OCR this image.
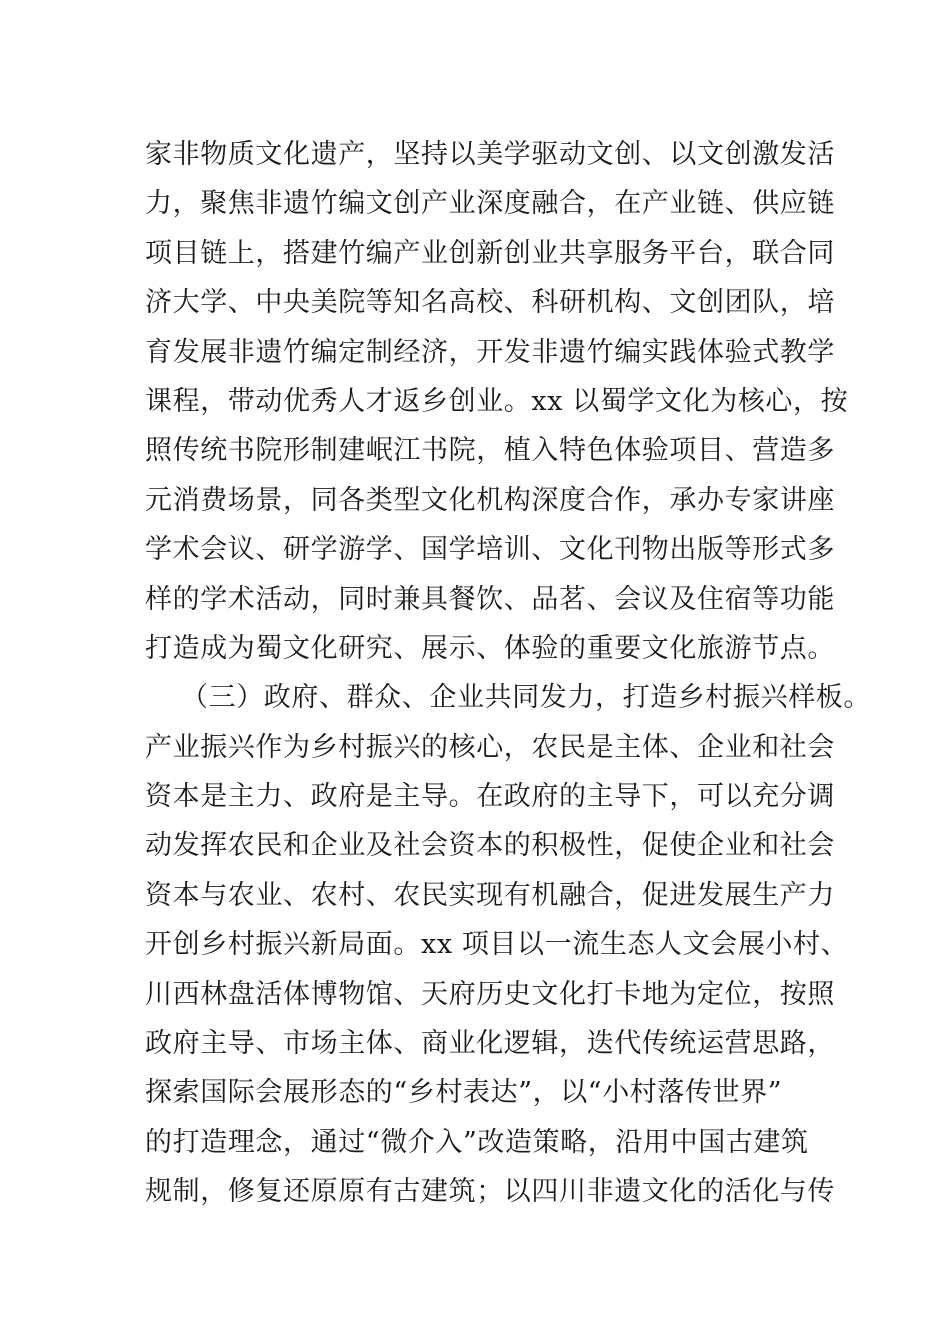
家非物质文化遗产，坚持以美学驱动文创、以文创激发活
力，聚焦非遗竹编文创产业深度融合，在产业链、供应链
项目链上，搭建竹编产业创新创业共享服务平台，联合同
济大学、中央美院等知名高校、科研机构、文创团队，培
育发展非遗竹编定制经济，开发非遗竹编实践体验式教学
课程，带动优秀人才返乡创业。xx 以蜀学文化为核心，按
照传统书院形制建岷江书院，植入特色体验项目、营造多
元消费场景，同各类型文化机构深度合作，承办专家讲座
学术会议、研学游学、国学培训、文化刊物出版等形式多
样的学术活动，同时兼具餐饮、品茗、会议及住宿等功能
打造成为蜀文化研究、展示、体验的重要文化旅游节点。
（三）政府、群众、企业共同发力，打造乡村振兴样板。
产业振兴作为乡村振兴的核心，农民是主体、企业和社会
资本是主力、政府是主导。在政府的主导下，可以充分调
动发挥农民和企业及社会资本的积极性，促使企业和社会
资本与农业、农村、农民实现有机融合，促进发展生产力
开创乡村振兴新局面。xx 项目以一流生态人文会展小村、
川西林盘活体博物馆、天府历史文化打卡地为定位，按照
政府主导、市场主体、商业化逻辑，迭代传统运营思路，
探索国际会展形态的“乡村表达”，以“小村落传世界”
的打造理念，通过“微介入”改造策略，沿用中国古建筑
规制，修复还原原有古建筑；以四川非遗文化的活化与传
